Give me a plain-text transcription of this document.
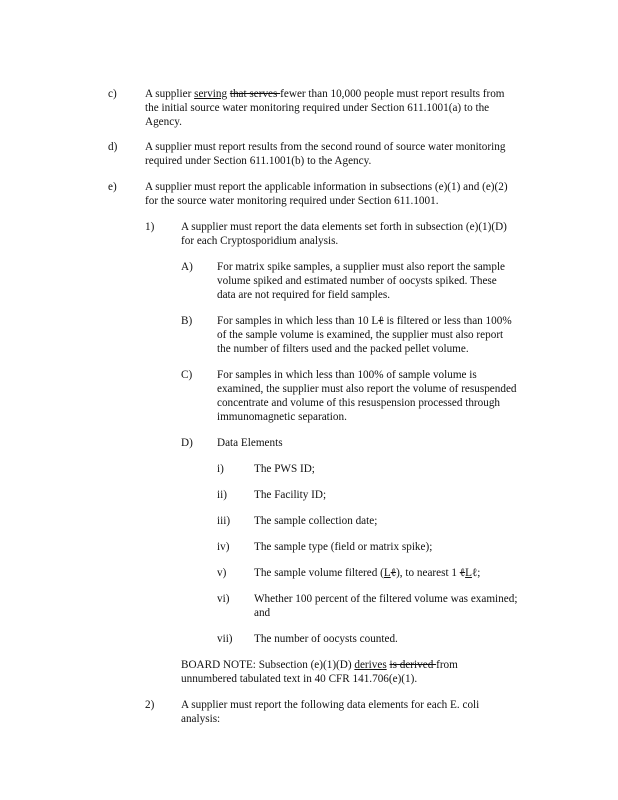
c)	A supplier serving that serves fewer than 10,000 people must report results from
the initial source water monitoring required under Section 611.1001(a) to the
Agency.
d) A supplier must report results from the second round of source water monitoring
required under Section 611.1001(b) to the Agency.
e)	A supplier must report the applicable information in subsections (e)(1) and (e)(2)
for the source water monitoring required under Section 611.1001.
1) A supplier must report the data elements set forth in subsection (e)(1)(D)
for each Cryptosporidium analysis.
A) For matrix spike samples, a supplier must also report the sample
volume spiked and estimated number of oocysts spiked. These
data are not required for field samples.
B) For samples in which less than 10 Lℓ is filtered or less than 100%
of the sample volume is examined, the supplier must also report
the number of filters used and the packed pellet volume.
C) For samples in which less than 100% of sample volume is
examined, the supplier must also report the volume of resuspended
concentrate and volume of this resuspension processed through
immunomagnetic separation.
D) Data Elements
i)	The PWS ID;
ii) The Facility ID;
iii) The sample collection date;
iv) The sample type (field or matrix spike);
v) The sample volume filtered (Lℓ), to nearest 1 ℓLℓ;
vi) Whether 100 percent of the filtered volume was examined;
and
vii) The number of oocysts counted.
BOARD NOTE: Subsection (e)(1)(D) derives is derived from
unnumbered tabulated text in 40 CFR 141.706(e)(1).
2) A supplier must report the following data elements for each E. coli
analysis:
